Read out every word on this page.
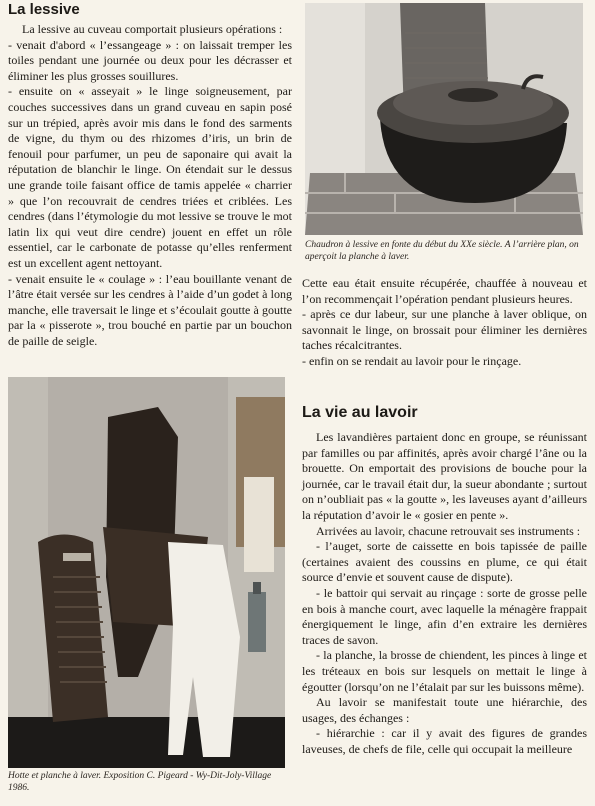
La lessive

La lessive au cuveau comportait plusieurs opérations :

- venait d'abord « l’essangeage » : on laissait tremper les toiles pendant une journée ou deux pour les décrasser et éliminer les plus grosses souillures.

- ensuite on « asseyait » le linge soigneusement, par couches successives dans un grand cuveau en sapin posé sur un trépied, après avoir mis dans le fond des sarments de vigne, du thym ou des rhizomes d’iris, un brin de fenouil pour parfumer, un peu de saponaire qui avait la réputation de blanchir le linge. On étendait sur le dessus une grande toile faisant office de tamis appelée « charrier » que l’on recouvrait de cendres triées et criblées. Les cendres (dans l’étymologie du mot lessive se trouve le mot latin lix qui veut dire cendre) jouent en effet un rôle essentiel, car le carbonate de potasse qu’elles renferment est un excellent agent nettoyant.

- venait ensuite le « coulage » : l’eau bouillante venant de l’âtre était versée sur les cendres à l’aide d’un godet à long manche, elle traversait le linge et s’écoulait goutte à goutte par la « pisserote », trou bouché en partie par un bouchon de paille de seigle.

Hotte et planche à laver. Exposition C. Pigeard - Wy-Dit-Joly-Village 1986.
Chaudron à lessive en fonte du début du XXe siècle. A l’arrière plan, on aperçoit la planche à laver.

Cette eau était ensuite récupérée, chauffée à nouveau et l’on recommençait l’opération pendant plusieurs heures.

- après ce dur labeur, sur une planche à laver oblique, on savonnait le linge, on brossait pour éliminer les dernières taches récalcitrantes.

- enfin on se rendait au lavoir pour le rinçage.

La vie au lavoir

Les lavandières partaient donc en groupe, se réunissant par familles ou par affinités, après avoir chargé l’âne ou la brouette. On emportait des provisions de bouche pour la journée, car le travail était dur, la sueur abondante ; surtout on n’oubliait pas « la goutte », les laveuses ayant d’ailleurs la réputation d’avoir le « gosier en pente ».

Arrivées au lavoir, chacune retrouvait ses instruments :

- l’auget, sorte de caissette en bois tapissée de paille (certaines avaient des coussins en plume, ce qui était source d’envie et souvent cause de dispute).

- le battoir qui servait au rinçage : sorte de grosse pelle en bois à manche court, avec laquelle la ménagère frappait énergiquement le linge, afin d’en extraire les dernières traces de savon.

- la planche, la brosse de chiendent, les pinces à linge et les tréteaux en bois sur lesquels on mettait le linge à égoutter (lorsqu’on ne l’étalait par sur les buissons même).

Au lavoir se manifestait toute une hiérarchie, des usages, des échanges :

- hiérarchie : car il y avait des figures de grandes laveuses, de chefs de file, celle qui occupait la meilleure
